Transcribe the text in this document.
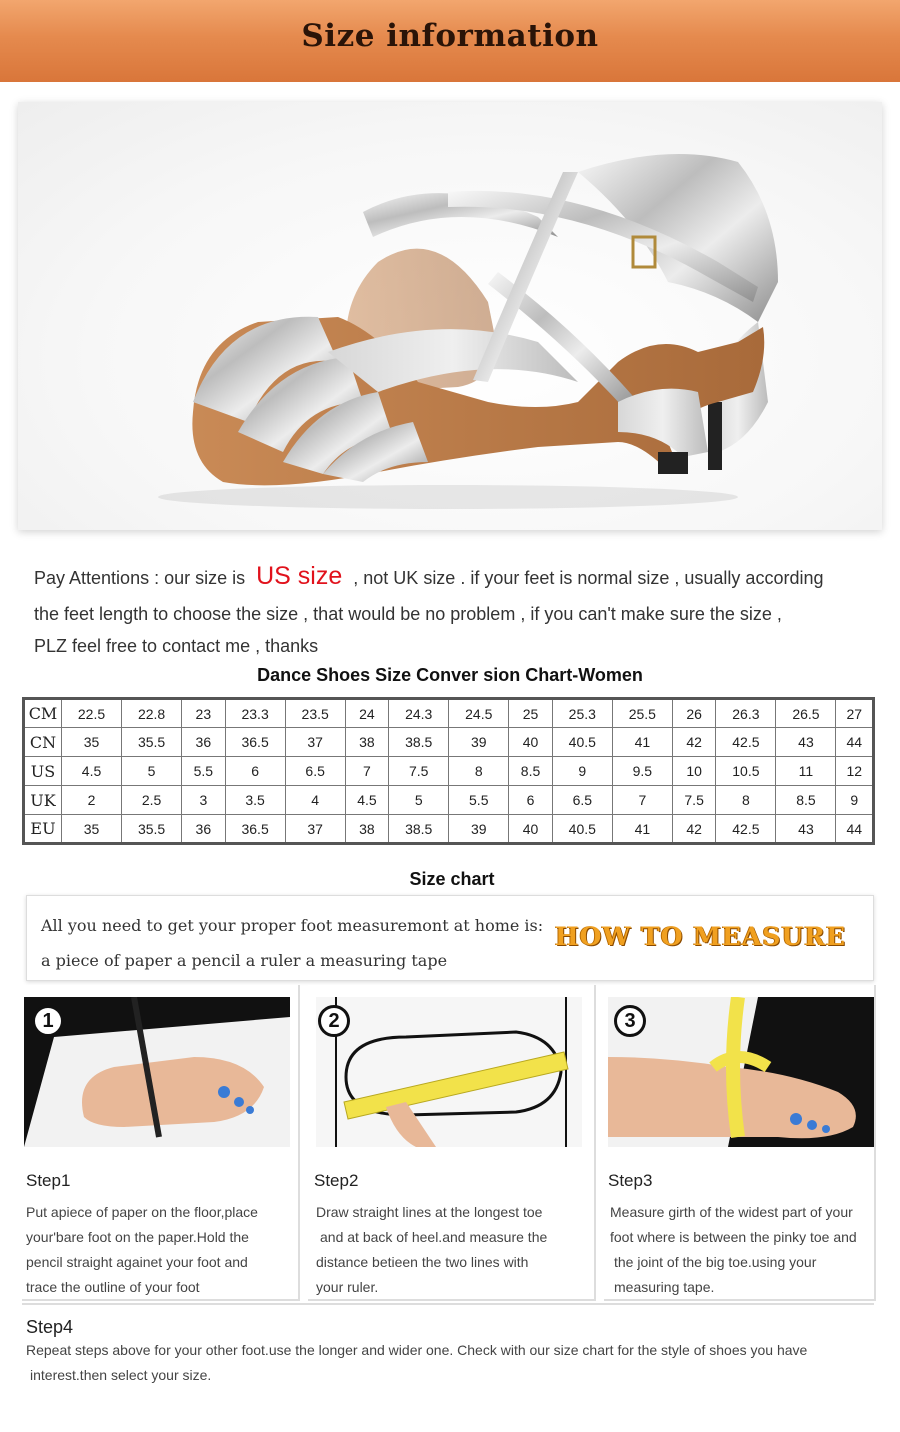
Size information
Pay Attentions : our size is US size , not UK size . if your feet is normal size , usually according
the feet length to choose the size , that would be no problem , if you can't make sure the size ,
PLZ feel free to contact me , thanks
Dance Shoes Size Conver sion Chart-Women
CM	22.5	22.8	23	23.3	23.5	24	24.3	24.5	25	25.3	25.5	26	26.3	26.5	27
CN	35	35.5	36	36.5	37	38	38.5	39	40	40.5	41	42	42.5	43	44
US	4.5	5	5.5	6	6.5	7	7.5	8	8.5	9	9.5	10	10.5	11	12
UK	2	2.5	3	3.5	4	4.5	5	5.5	6	6.5	7	7.5	8	8.5	9
EU	35	35.5	36	36.5	37	38	38.5	39	40	40.5	41	42	42.5	43	44
Size chart
All you need to get your proper foot measuremont at home is:
a piece of paper a pencil a ruler a measuring tape
HOW TO MEASURE
1
Step1
Put apiece of paper on the floor,place
your'bare foot on the paper.Hold the
pencil straight againet your foot and
trace the outline of your foot
2
Step2
Draw straight lines at the longest toe
and at back of heel.and measure the
distance betieen the two lines with
your ruler.
3
Step3
Measure girth of the widest part of your
foot where is between the pinky toe and
the joint of the big toe.using your
measuring tape.
Step4
Repeat steps above for your other foot.use the longer and wider one. Check with our size chart for the style of shoes you have
interest.then select your size.
